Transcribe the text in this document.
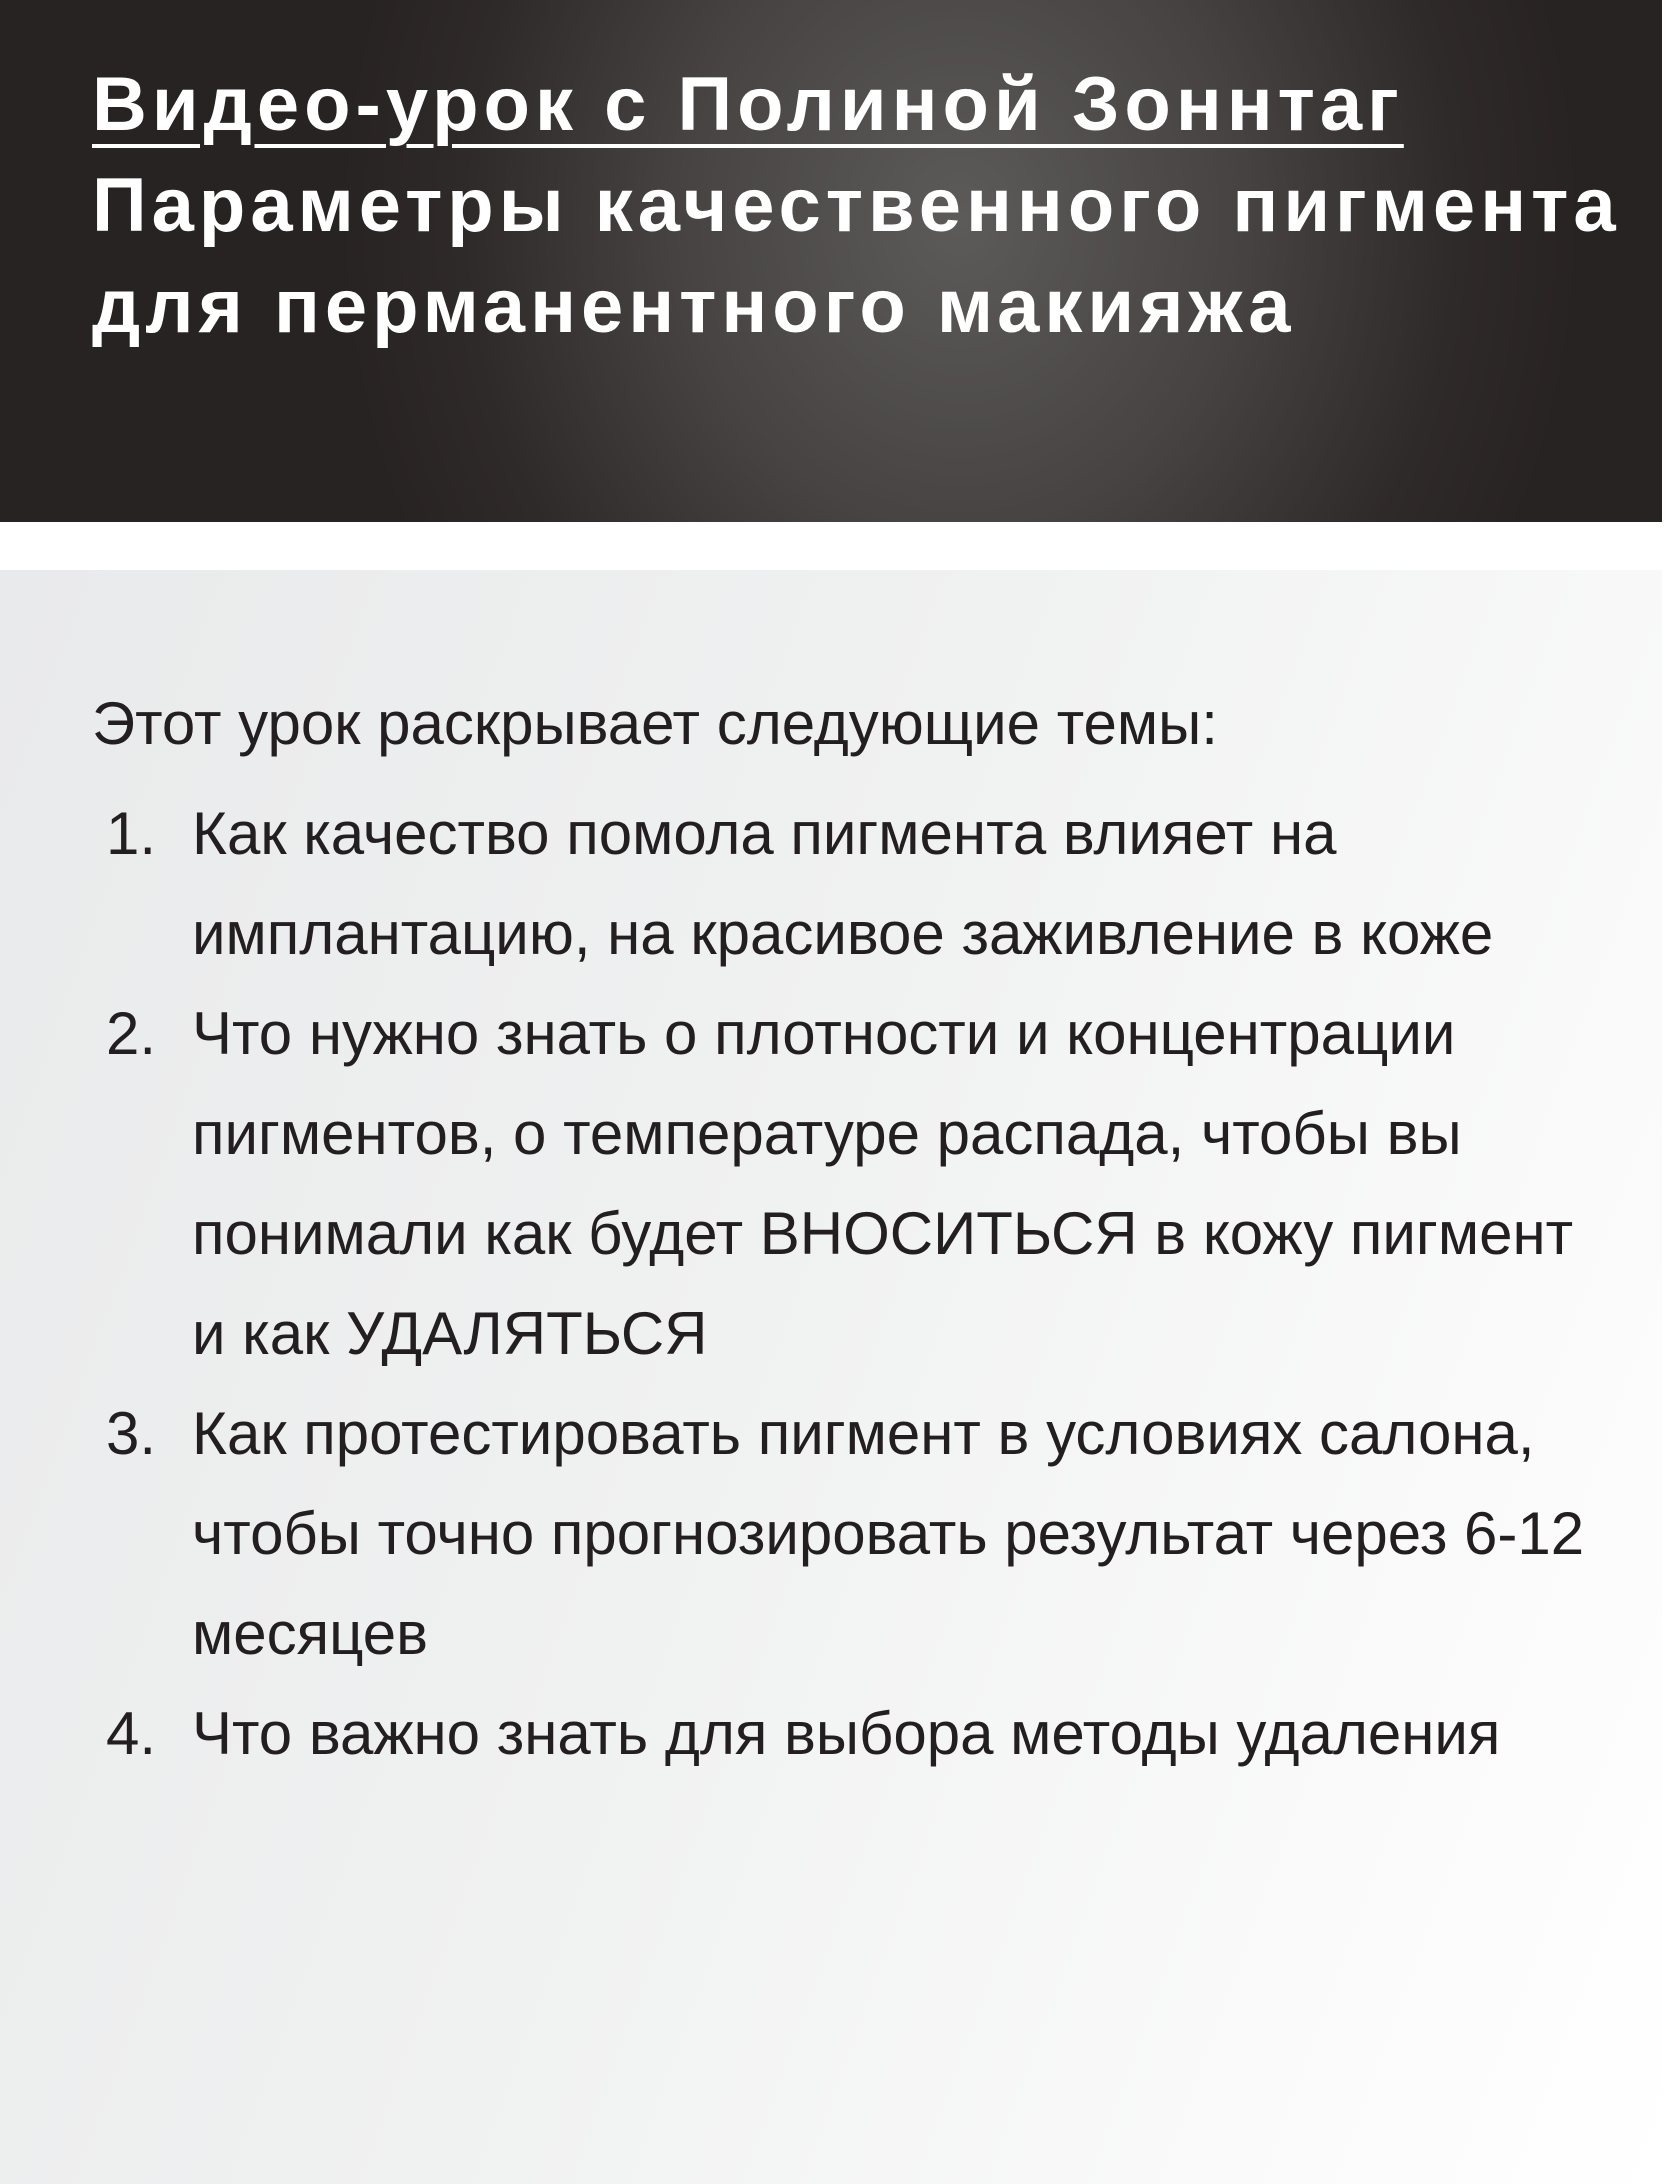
Видео-урок с Полиной Зоннтаг
Параметры качественного пигмента для перманентного макияжа

Этот урок раскрывает следующие темы:

1. Как качество помола пигмента влияет на имплантацию, на красивое заживление в коже
2. Что нужно знать о плотности и концентрации пигментов, о температуре распада, чтобы вы понимали как будет ВНОСИТЬСЯ в кожу пигмент и как УДАЛЯТЬСЯ
3. Как протестировать пигмент в условиях салона, чтобы точно прогнозировать результат через 6-12 месяцев
4. Что важно знать для выбора методы удаления
